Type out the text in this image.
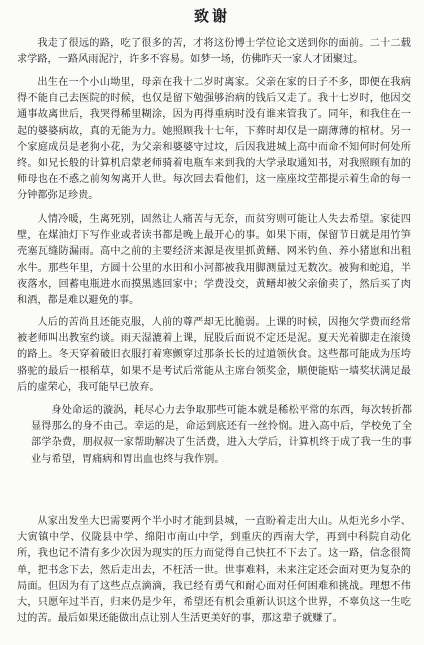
致谢

我走了很远的路，吃了很多的苦，才将这份博士学位论文送到你的面前。二十二载求学路，一路风雨泥泞，许多不容易。如梦一场，仿佛昨天一家人才团聚过。

出生在一个小山坳里，母亲在我十二岁时离家。父亲在家的日子不多，即便在我病得不能自己去医院的时候，也仅是留下勉强够治病的钱后又走了。我十七岁时，他因交通事故离世后，我哭得稀里糊涂，因为再得重病时没有谁来管我了。同年，和我住在一起的婆婆病故，真的无能为力。她照顾我十七年，下葬时却仅是一副薄薄的棺材。另一个家庭成员是老狗小花，为父亲和婆婆守过坟，后因我进城上高中而命不知何时何处所终。如兄长般的计算机启蒙老师骑着电瓶车来到我的大学录取通知书，对我照顾有加的师母也在不惑之前匆匆离开人世。每次回去看他们，这一座座坟茔都提示着生命的每一分钟都弥足珍贵。

人情冷暖，生离死别，固然让人痛苦与无奈，而贫穷则可能让人失去希望。家徒四壁，在煤油灯下写作业或者读书都是晚上最开心的事。如果下雨，保留节日就是用竹笋壳塞瓦缝防漏雨。高中之前的主要经济来源是夜里抓黄鳝、网米钓鱼、养小猪崽和出租水牛。那些年里，方圆十公里的水田和小河都被我用脚测量过无数次。被狗和蛇追，半夜落水，回蓄电瓶进水而摸黑逃回家中；学费没交，黄鳝却被父亲偷卖了，然后买了肉和酒，都是难以避免的事。

人后的苦尚且还能克服，人前的尊严却无比脆弱。上课的时候，因拖欠学费而经常被老师叫出教室约谈。雨天湿漉着上课，屁股后面说不定还是泥。夏天光着脚走在滚烫的路上。冬天穿着破旧衣服打着寒颤穿过那条长长的过道领伙食。这些都可能成为压垮骆驼的最后一根稻草，如果不是考试后常能从主席台领奖金，顺便能贴一墙奖状满足最后的虚荣心，我可能早已放弃。

身处命运的漩涡，耗尽心力去争取那些可能本就是稀松平常的东西，每次转折都显得那么的身不由己。幸运的是，命运到底还有一丝怜悯。进入高中后，学校免了全部学杂费，朋叔叔一家帮助解决了生活费，进入大学后，计算机终于成了我一生的事业与希望，胃痛病和胃出血也终与我作别。

从家出发坐大巴需要两个半小时才能到县城，一直盼着走出大山。从炬光乡小学、大寅镇中学、仪陇县中学、绵阳市南山中学，到重庆的西南大学，再到中科院自动化所，我也记不清有多少次因为现实的压力而觉得自己快扛不下去了。这一路，信念很简单，把书念下去，然后走出去，不枉活一世。世事难料，未来注定还会面对更为复杂的局面。但因为有了这些点点滴滴，我已经有勇气和耐心面对任何困难和挑战。理想不伟大，只愿年过半百，归来仍是少年，希望还有机会重新认识这个世界，不辜负这一生吃过的苦。最后如果还能做出点让别人生活更美好的事，那这辈子就赚了。
